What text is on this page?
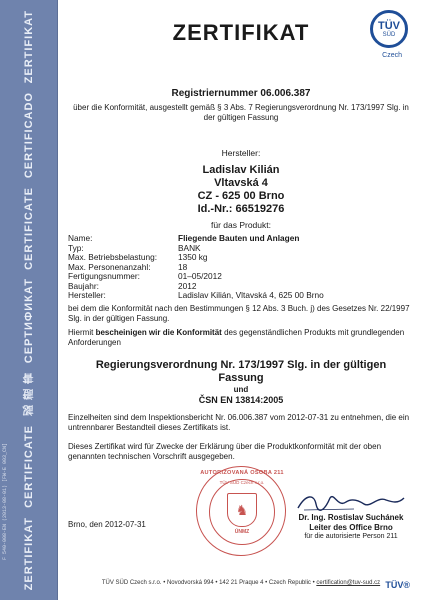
ZERTIFIKAT
CERTIFICADO
CERTIFICATE
СЕРТИФИКАТ
認 證 書
CERTIFICATE
ZERTIFIKAT
F 540-008-EN (2013-08-01) [FW-E 003_CN]
TÜV
SÜD
Czech
ZERTIFIKAT
Registriernummer 06.006.387
über die Konformität, ausgestellt gemäß § 3 Abs. 7 Regierungsverordnung Nr. 173/1997 Slg. in der gültigen Fassung
Hersteller:
Ladislav Kilián
Vltavská 4
CZ - 625 00 Brno
Id.-Nr.: 66519276
für das Produkt:
Name:	Fliegende Bauten und Anlagen
Typ:	BANK
Max. Betriebsbelastung:	1350 kg
Max. Personenanzahl:	18
Fertigungsnummer:	01–05/2012
Baujahr:	2012
Hersteller:	Ladislav Kilián, Vltavská 4, 625 00 Brno
bei dem die Konformität nach den Bestimmungen § 12 Abs. 3 Buch. j) des Gesetzes Nr. 22/1997 Slg. in der gültigen Fassung.
Hiermit bescheinigen wir die Konformität des gegenständlichen Produkts mit grundlegenden Anforderungen
Regierungsverordnung Nr. 173/1997 Slg. in der gültigen
Fassung
und
ČSN EN 13814:2005
Einzelheiten sind dem Inspektionsbericht Nr. 06.006.387 vom 2012-07-31 zu entnehmen, die ein untrennbarer Bestandteil dieses Zertifikats ist.
Dieses Zertifikat wird für Zwecke der Erklärung über die Produktkonformität mit der oben genannten technischen Vorschrift ausgegeben.
AUTORIZOVANÁ OSOBA 211
TÜV SÜD Czech s.r.o.
♞
ÚNMZ
Brno, den 2012-07-31
Dr. Ing. Rostislav Suchánek
Leiter des Office Brno
für die autorisierte Person 211
TÜV SÜD Czech s.r.o. • Novodvorská 994 • 142 21 Praque 4 • Czech Republic • certification@tuv-sud.cz TÜV®
